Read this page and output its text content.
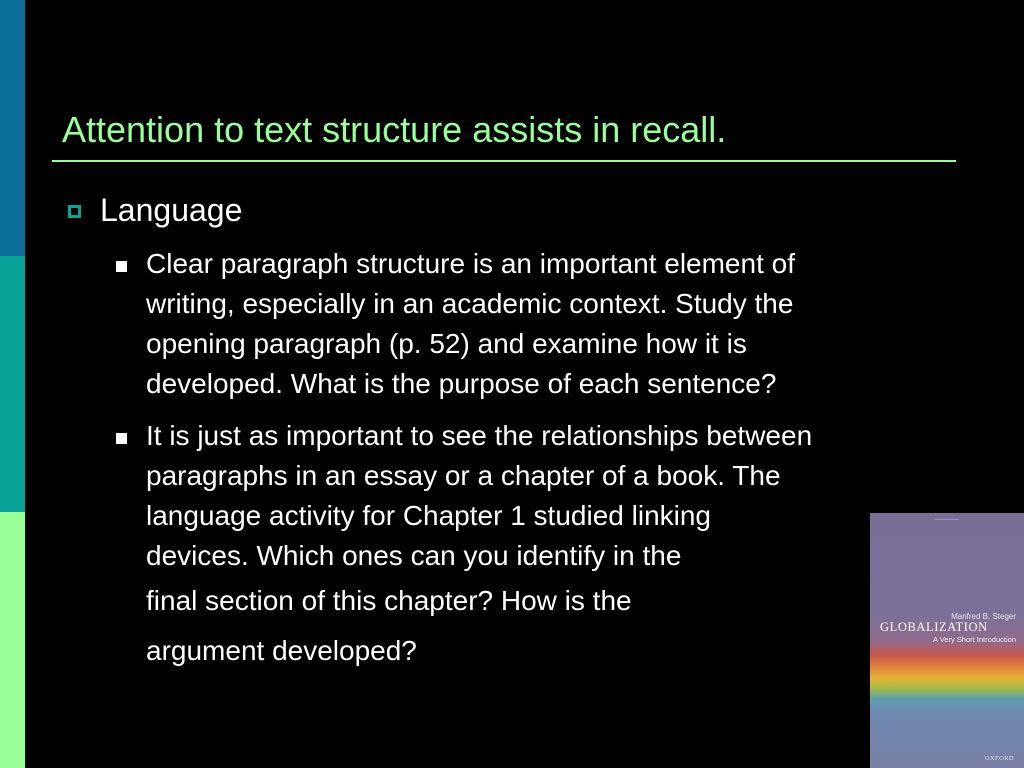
Attention to text structure assists in recall.
Language
Clear paragraph structure is an important element of
writing, especially in an academic context. Study the
opening paragraph (p. 52) and examine how it is
developed. What is the purpose of each sentence?
It is just as important to see the relationships between
paragraphs in an essay or a chapter of a book. The
language activity for Chapter 1 studied linking
devices. Which ones can you identify in the
final section of this chapter? How is the
argument developed?
————
Manfred B. Steger
GLOBALIZATION
A Very Short Introduction
OXFORD
